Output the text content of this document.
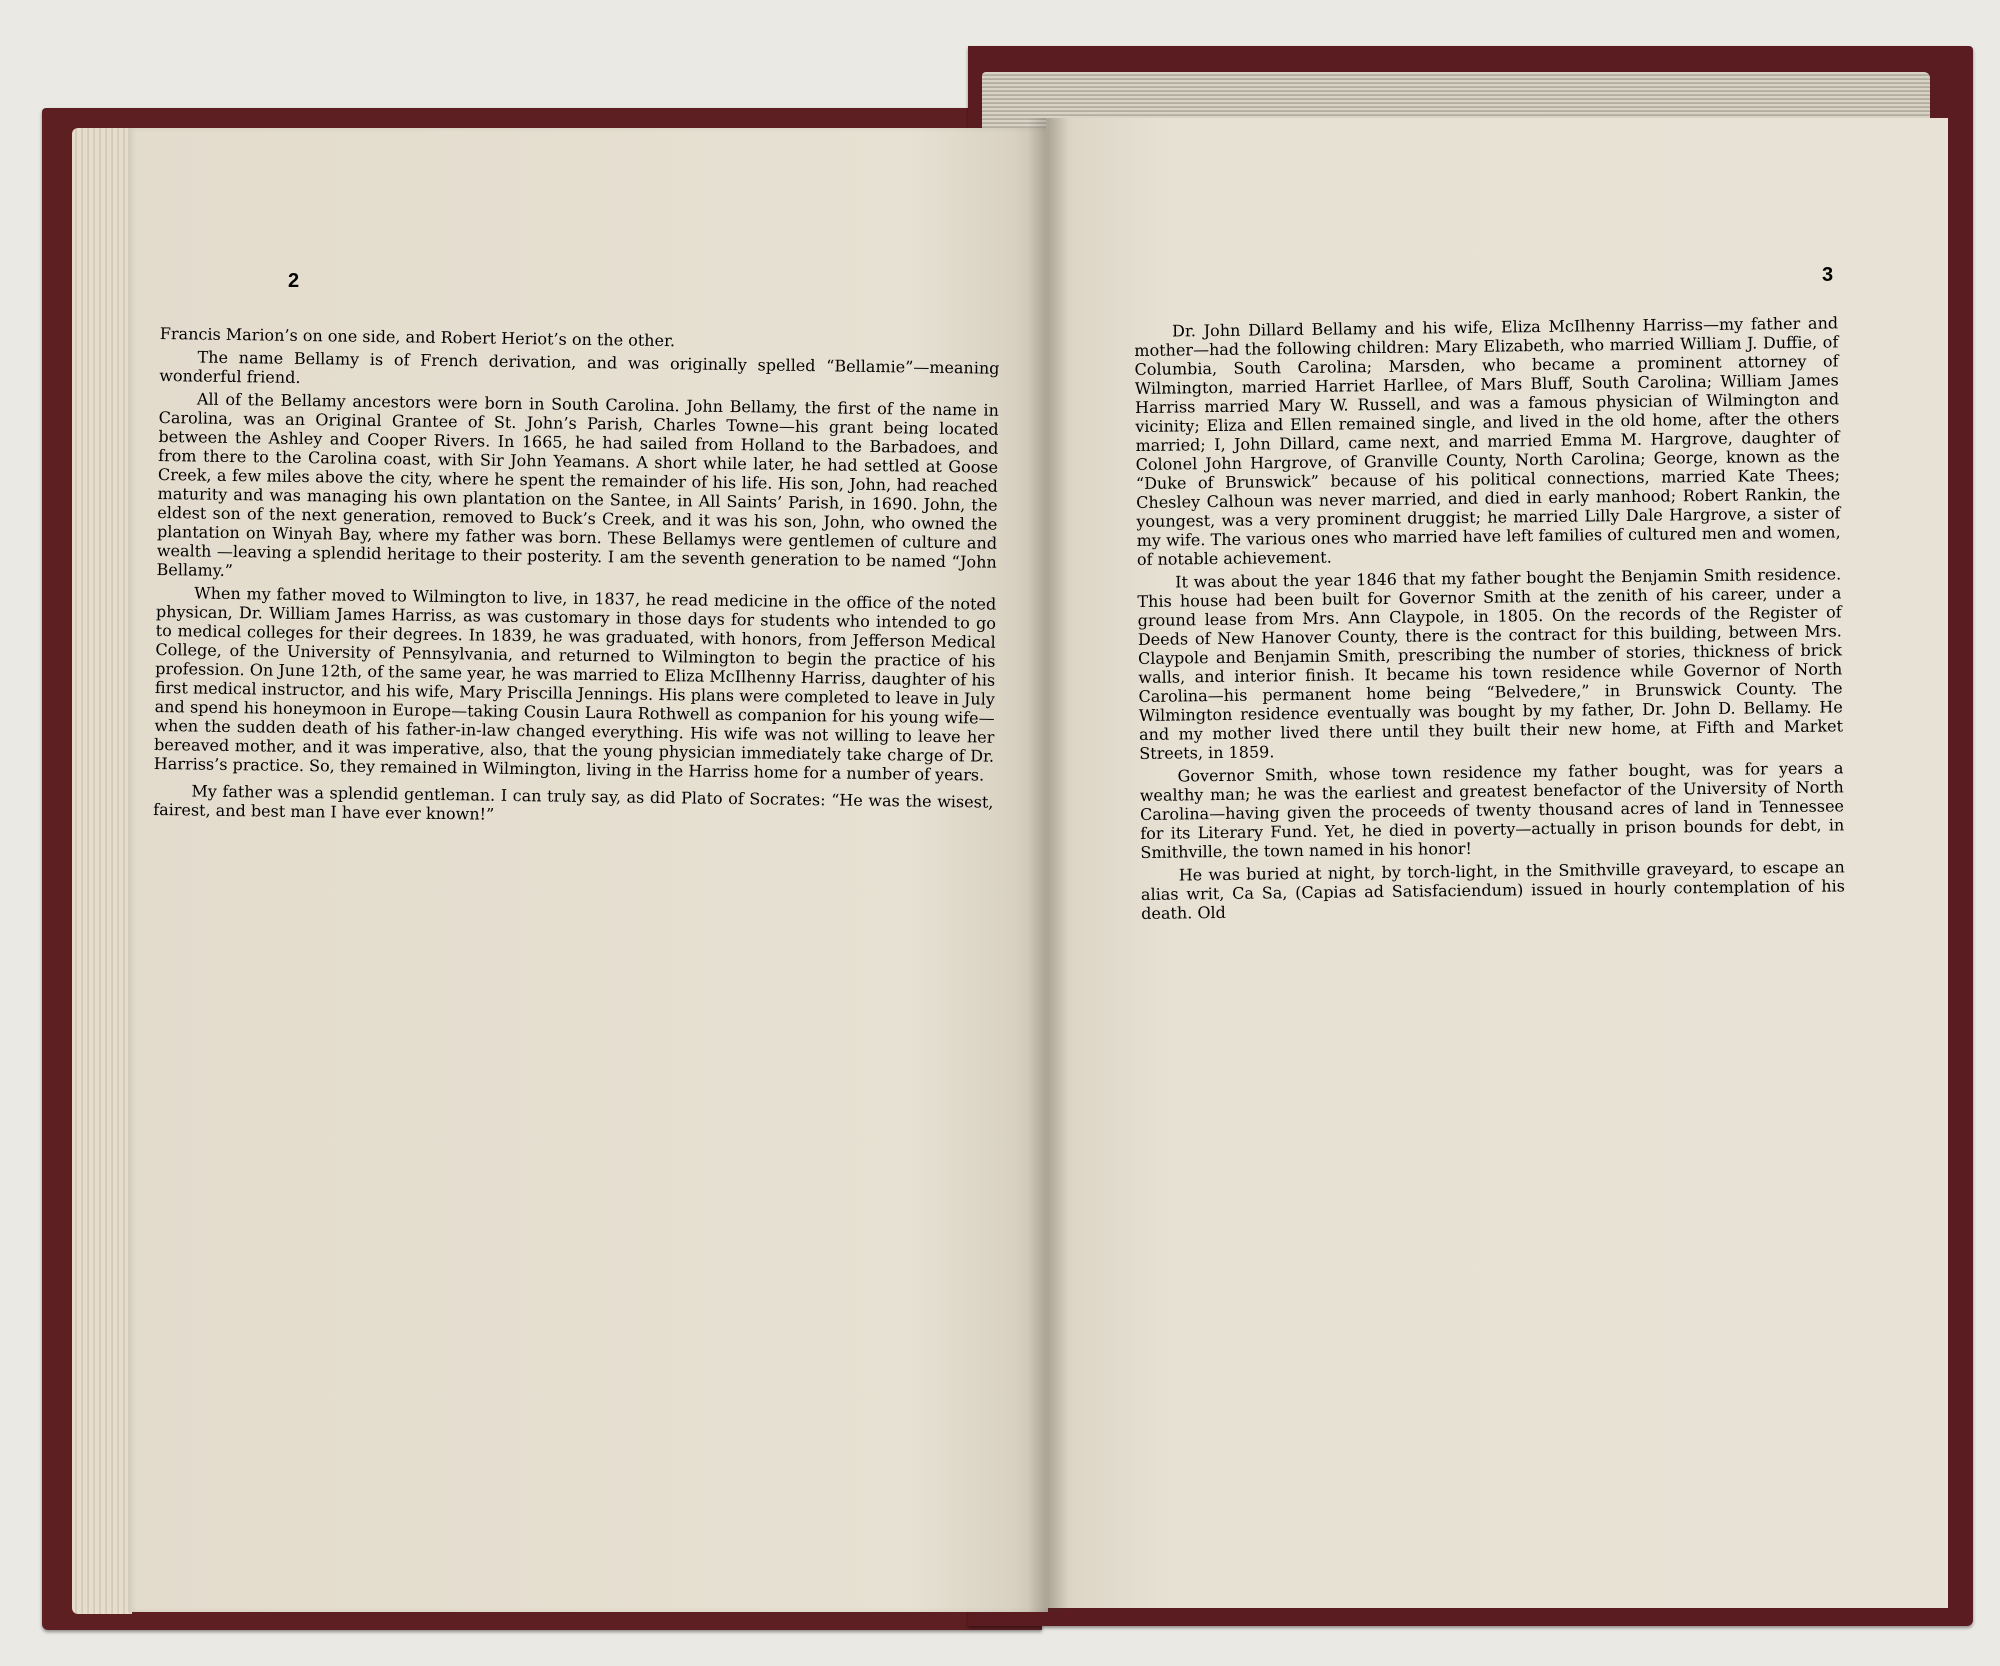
2	3

Francis Marion’s on one side, and Robert Heriot’s on the other.

The name Bellamy is of French derivation, and was originally spelled “Bellamie”—meaning wonderful friend.

All of the Bellamy ancestors were born in South Carolina. John Bellamy, the first of the name in Carolina, was an Original Grantee of St. John’s Parish, Charles Towne—his grant being located between the Ashley and Cooper Rivers. In 1665, he had sailed from Holland to the Barbadoes, and from there to the Carolina coast, with Sir John Yeamans. A short while later, he had settled at Goose Creek, a few miles above the city, where he spent the remainder of his life. His son, John, had reached maturity and was managing his own plantation on the Santee, in All Saints’ Parish, in 1690. John, the eldest son of the next generation, removed to Buck’s Creek, and it was his son, John, who owned the plantation on Winyah Bay, where my father was born. These Bellamys were gentlemen of culture and wealth —leaving a splendid heritage to their posterity. I am the seventh generation to be named “John Bellamy.”

When my father moved to Wilmington to live, in 1837, he read medicine in the office of the noted physican, Dr. William James Harriss, as was customary in those days for students who intended to go to medical colleges for their degrees. In 1839, he was graduated, with honors, from Jefferson Medical College, of the University of Pennsylvania, and returned to Wilmington to begin the practice of his profession. On June 12th, of the same year, he was married to Eliza McIlhenny Harriss, daughter of his first medical instructor, and his wife, Mary Priscilla Jennings. His plans were completed to leave in July and spend his honeymoon in Europe—taking Cousin Laura Rothwell as companion for his young wife—when the sudden death of his father-in-law changed everything. His wife was not willing to leave her bereaved mother, and it was imperative, also, that the young physician immediately take charge of Dr. Harriss’s practice. So, they remained in Wilmington, living in the Harriss home for a number of years.

My father was a splendid gentleman. I can truly say, as did Plato of Socrates: “He was the wisest, fairest, and best man I have ever known!”

Dr. John Dillard Bellamy and his wife, Eliza McIlhenny Harriss—my father and mother—had the following children: Mary Elizabeth, who married William J. Duffie, of Columbia, South Carolina; Marsden, who became a prominent attorney of Wilmington, married Harriet Harllee, of Mars Bluff, South Carolina; William James Harriss married Mary W. Russell, and was a famous physician of Wilmington and vicinity; Eliza and Ellen remained single, and lived in the old home, after the others married; I, John Dillard, came next, and married Emma M. Hargrove, daughter of Colonel John Hargrove, of Granville County, North Carolina; George, known as the “Duke of Brunswick” because of his political connections, married Kate Thees; Chesley Calhoun was never married, and died in early manhood; Robert Rankin, the youngest, was a very prominent druggist; he married Lilly Dale Hargrove, a sister of my wife. The various ones who married have left families of cultured men and women, of notable achievement.

It was about the year 1846 that my father bought the Benjamin Smith residence. This house had been built for Governor Smith at the zenith of his career, under a ground lease from Mrs. Ann Claypole, in 1805. On the records of the Register of Deeds of New Hanover County, there is the contract for this building, between Mrs. Claypole and Benjamin Smith, prescribing the number of stories, thickness of brick walls, and interior finish. It became his town residence while Governor of North Carolina—his permanent home being “Belvedere,” in Brunswick County. The Wilmington residence eventually was bought by my father, Dr. John D. Bellamy. He and my mother lived there until they built their new home, at Fifth and Market Streets, in 1859.

Governor Smith, whose town residence my father bought, was for years a wealthy man; he was the earliest and greatest benefactor of the University of North Carolina—having given the proceeds of twenty thousand acres of land in Tennessee for its Literary Fund. Yet, he died in poverty—actually in prison bounds for debt, in Smithville, the town named in his honor!

He was buried at night, by torch-light, in the Smithville graveyard, to escape an alias writ, Ca Sa, (Capias ad Satisfaciendum) issued in hourly contemplation of his death. Old
